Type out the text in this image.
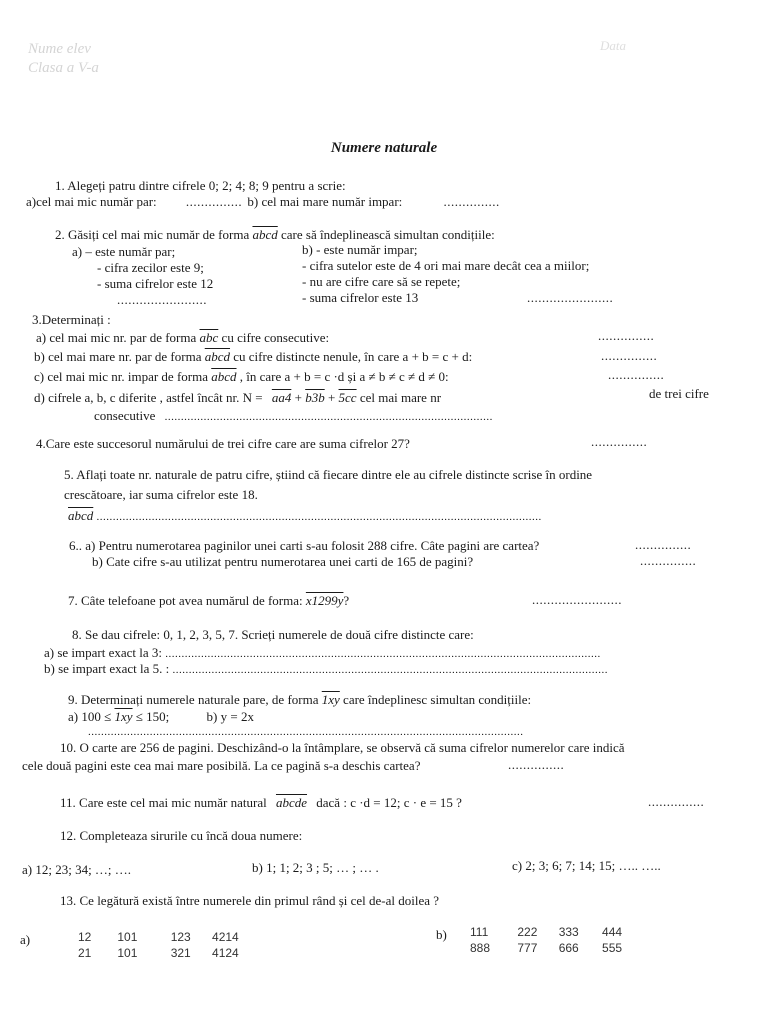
Nume elev
Clasa a V-a
Data
Numere naturale
1. Alegeți patru dintre cifrele 0; 2; 4; 8; 9 pentru a scrie:
a)cel mai mic număr par: ............... b) cel mai mare număr impar:	...............
2. Găsiți cel mai mic număr de forma abcd care să îndeplinească simultan condițiile:
a) – este număr par;
- cifra zecilor este 9;
- suma cifrelor este 12
........................
b) - este număr impar;
- cifra sutelor este de 4 ori mai mare decât cea a miilor;
- nu are cifre care să se repete;
- suma cifrelor este 13	.......................
3.Determinați :
a) cel mai mic nr. par de forma $\overline{abc}$ cu cifre consecutive:	...............
b) cel mai mare nr. par de forma abcd cu cifre distincte nenule, în care a + b = c + d:	...............
c) cel mai mic nr. impar de forma abcd , în care a + b = c ·d și a ≠ b ≠ c ≠ d ≠ 0:	...............
d) cifrele a, b, c diferite , astfel încât nr. N = aa4 + b3b + 5cc cel mai mare nr	de trei cifre
consecutive .....................................................................................................
4.Care este succesorul numărului de trei cifre care are suma cifrelor 27?	...............
5. Aflați toate nr. naturale de patru cifre, știind că fiecare dintre ele au cifrele distincte scrise în ordine
crescătoare, iar suma cifrelor este 18.
abcd .........................................................................................................................................
6.. a) Pentru numerotarea paginilor unei carti s-au folosit 288 cifre. Câte pagini are cartea?	...............
b) Cate cifre s-au utilizat pentru numerotarea unei carti de 165 de pagini?	...............
7. Câte telefoane pot avea numărul de forma: x1299y?	........................
8. Se dau cifrele: 0, 1, 2, 3, 5, 7. Scrieți numerele de două cifre distincte care:
a) se impart exact la 3: ......................................................................................................................................
b) se impart exact la 5. : ......................................................................................................................................
9. Determinați numerele naturale pare, de forma 1xy care îndeplinesc simultan condițiile:
a) 100 ≤ 1xy ≤ 150;	b) y = 2x
......................................................................................................................................
10. O carte are 256 de pagini. Deschizând-o la întâmplare, se observă că suma cifrelor numerelor care indică
cele două pagini este cea mai mare posibilă. La ce pagină s-a deschis cartea?	...............
11. Care este cel mai mic număr natural abcde dacă : c ·d = 12; c · e = 15 ?	...............
12. Completeaza sirurile cu încă doua numere:
a) 12; 23; 34; …; ….	b) 1; 1; 2; 3 ; 5; … ; … .	c) 2; 3; 6; 7; 14; 15; ….. …..
13. Ce legătură există între numerele din primul rând și cel de-al doilea ?
a)	12 101	123 4214
21 101	321 4124
b) 111 222 333 444
888 777 666 555
